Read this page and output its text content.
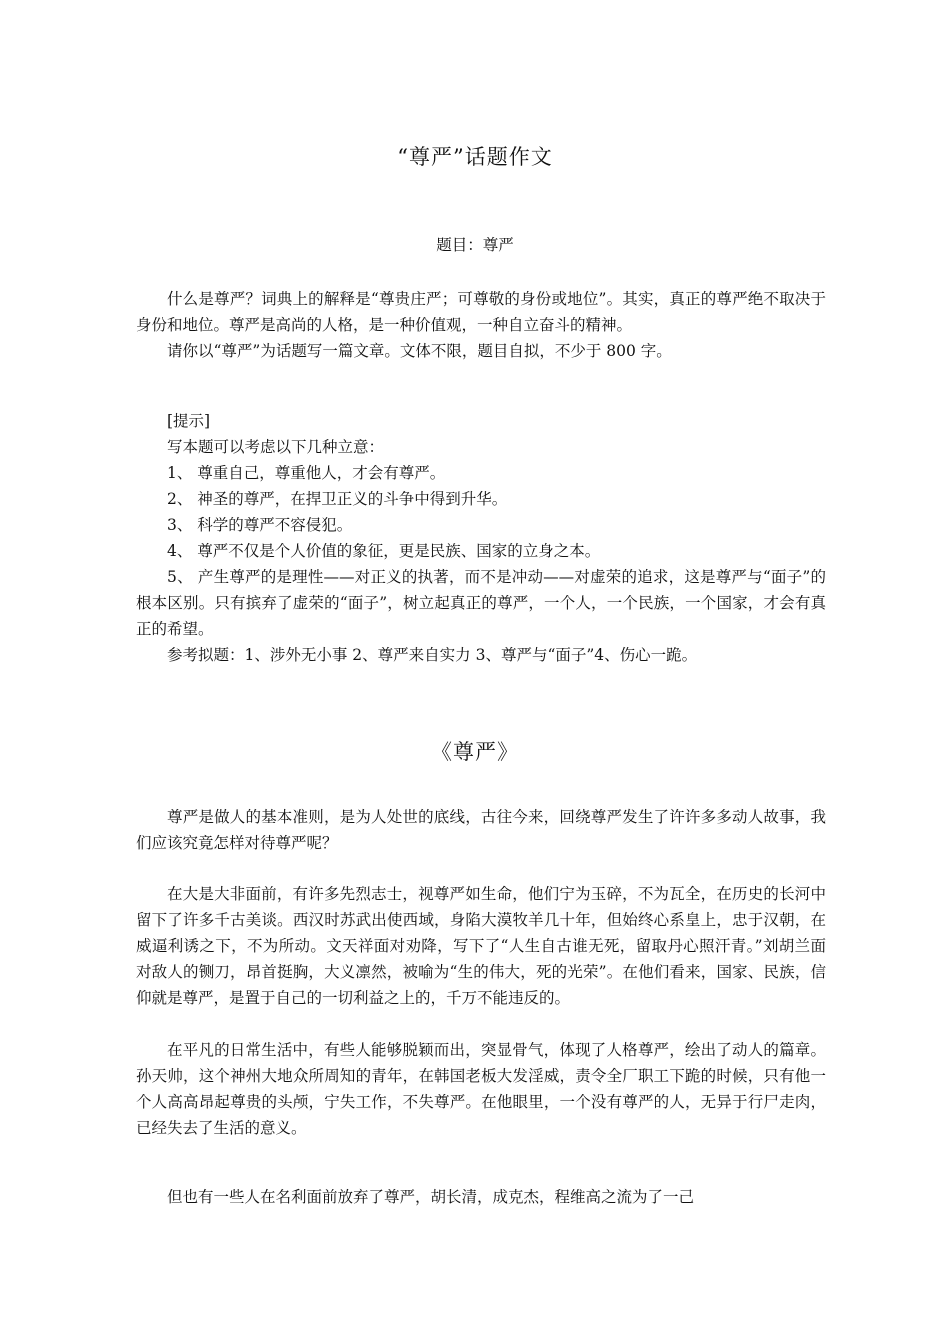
“尊严”话题作文
题目：尊严

什么是尊严？词典上的解释是“尊贵庄严；可尊敬的身份或地位”。其实，真正的尊严绝不取决于身份和地位。尊严是高尚的人格，是一种价值观，一种自立奋斗的精神。

请你以“尊严”为话题写一篇文章。文体不限，题目自拟，不少于 800 字。

[提示]
写本题可以考虑以下几种立意：
1、 尊重自己，尊重他人，才会有尊严。
2、 神圣的尊严，在捍卫正义的斗争中得到升华。
3、 科学的尊严不容侵犯。
4、 尊严不仅是个人价值的象征，更是民族、国家的立身之本。
5、 产生尊严的是理性——对正义的执著，而不是冲动——对虚荣的追求，这是尊严与“面子”的根本区别。只有摈弃了虚荣的“面子”，树立起真正的尊严，一个人，一个民族，一个国家，才会有真正的希望。
参考拟题：1、涉外无小事 2、尊严来自实力 3、尊严与“面子”4、伤心一跪。
《尊严》

尊严是做人的基本准则，是为人处世的底线，古往今来，回绕尊严发生了许许多多动人故事，我们应该究竟怎样对待尊严呢？

在大是大非面前，有许多先烈志士，视尊严如生命，他们宁为玉碎，不为瓦全，在历史的长河中留下了许多千古美谈。西汉时苏武出使西域，身陷大漠牧羊几十年，但始终心系皇上，忠于汉朝，在威逼利诱之下，不为所动。文天祥面对劝降，写下了“人生自古谁无死，留取丹心照汗青。”刘胡兰面对敌人的铡刀，昂首挺胸，大义凛然，被喻为“生的伟大，死的光荣”。在他们看来，国家、民族，信仰就是尊严，是置于自己的一切利益之上的，千万不能违反的。

在平凡的日常生活中，有些人能够脱颖而出，突显骨气，体现了人格尊严，绘出了动人的篇章。孙天帅，这个神州大地众所周知的青年，在韩国老板大发淫威，责令全厂职工下跪的时候，只有他一个人高高昂起尊贵的头颅，宁失工作，不失尊严。在他眼里，一个没有尊严的人，无异于行尸走肉，已经失去了生活的意义。

但也有一些人在名利面前放弃了尊严，胡长清，成克杰，程维高之流为了一己
